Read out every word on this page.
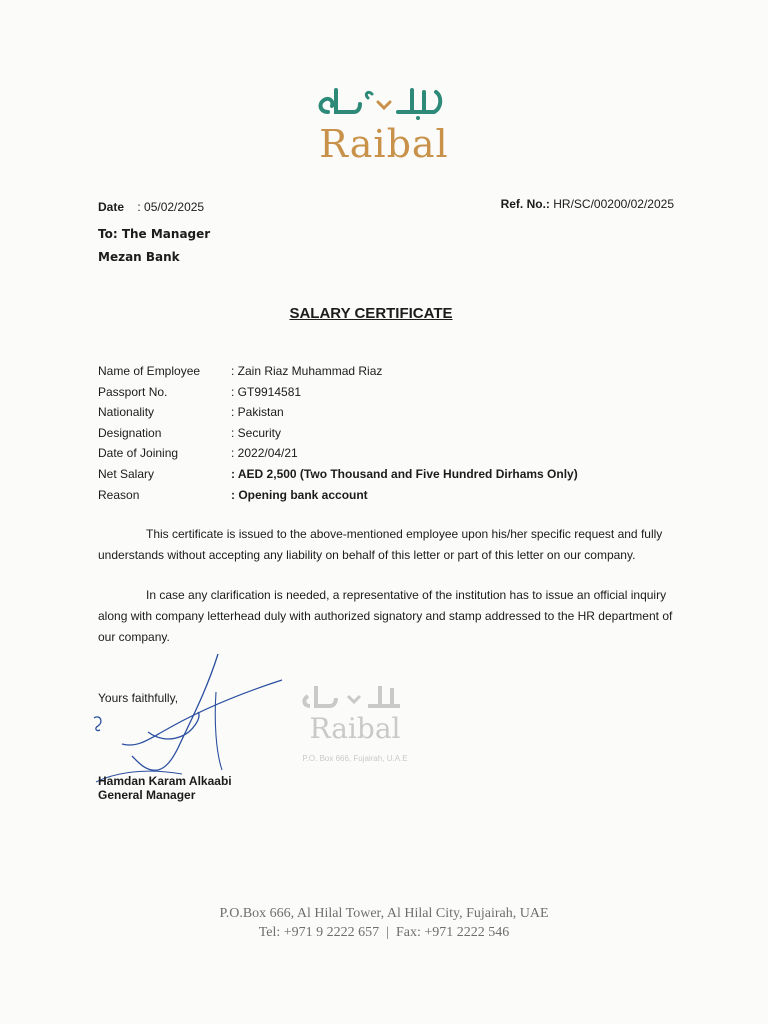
Raibal
Date : 05/02/2025	Ref. No.: HR/SC/00200/02/2025
To: The Manager
Mezan Bank
SALARY CERTIFICATE
Name of Employee	: Zain Riaz Muhammad Riaz
Passport No.	: GT9914581
Nationality	: Pakistan
Designation	: Security
Date of Joining	: 2022/04/21
Net Salary	: AED 2,500 (Two Thousand and Five Hundred Dirhams Only)
Reason	: Opening bank account

This certificate is issued to the above-mentioned employee upon his/her specific request and fully understands without accepting any liability on behalf of this letter or part of this letter on our company.

In case any clarification is needed, a representative of the institution has to issue an official inquiry along with company letterhead duly with authorized signatory and stamp addressed to the HR department of our company.

Yours faithfully,
Hamdan Karam Alkaabi
General Manager
Raibal
P.O. Box 666, Fujairah, U.A.E
P.O.Box 666, Al Hilal Tower, Al Hilal City, Fujairah, UAE
Tel: +971 9 2222 657  |  Fax: +971 2222 546
